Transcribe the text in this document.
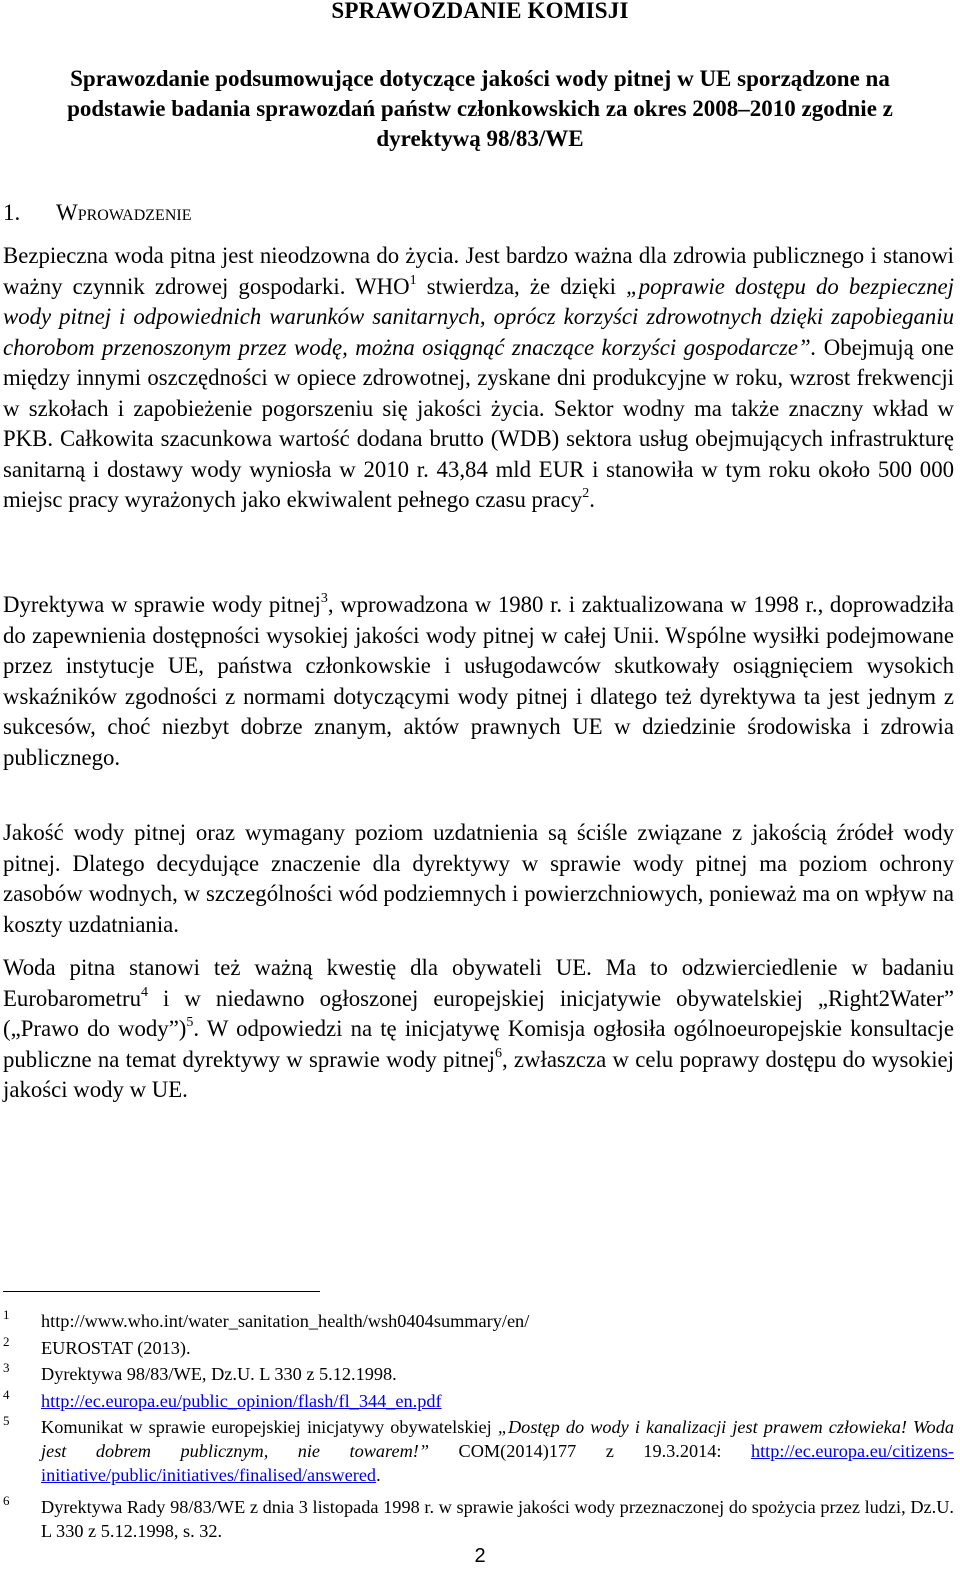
SPRAWOZDANIE KOMISJI
Sprawozdanie podsumowujące dotyczące jakości wody pitnej w UE sporządzone na podstawie badania sprawozdań państw członkowskich za okres 2008–2010 zgodnie z dyrektywą 98/83/WE
1. Wprowadzenie

Bezpieczna woda pitna jest nieodzowna do życia. Jest bardzo ważna dla zdrowia publicznego i stanowi ważny czynnik zdrowej gospodarki. WHO$^1$ stwierdza, że dzięki „poprawie dostępu do bezpiecznej wody pitnej i odpowiednich warunków sanitarnych, oprócz korzyści zdrowotnych dzięki zapobieganiu chorobom przenoszonym przez wodę, można osiągnąć znaczące korzyści gospodarcze”. Obejmują one między innymi oszczędności w opiece zdrowotnej, zyskane dni produkcyjne w roku, wzrost frekwencji w szkołach i zapobieżenie pogorszeniu się jakości życia. Sektor wodny ma także znaczny wkład w PKB. Całkowita szacunkowa wartość dodana brutto (WDB) sektora usług obejmujących infrastrukturę sanitarną i dostawy wody wyniosła w 2010 r. 43,84 mld EUR i stanowiła w tym roku około 500 000 miejsc pracy wyrażonych jako ekwiwalent pełnego czasu pracy$^2$.

Dyrektywa w sprawie wody pitnej$^3$, wprowadzona w 1980 r. i zaktualizowana w 1998 r., doprowadziła do zapewnienia dostępności wysokiej jakości wody pitnej w całej Unii. Wspólne wysiłki podejmowane przez instytucje UE, państwa członkowskie i usługodawców skutkowały osiągnięciem wysokich wskaźników zgodności z normami dotyczącymi wody pitnej i dlatego też dyrektywa ta jest jednym z sukcesów, choć niezbyt dobrze znanym, aktów prawnych UE w dziedzinie środowiska i zdrowia publicznego.

Jakość wody pitnej oraz wymagany poziom uzdatnienia są ściśle związane z jakością źródeł wody pitnej. Dlatego decydujące znaczenie dla dyrektywy w sprawie wody pitnej ma poziom ochrony zasobów wodnych, w szczególności wód podziemnych i powierzchniowych, ponieważ ma on wpływ na koszty uzdatniania.

Woda pitna stanowi też ważną kwestię dla obywateli UE. Ma to odzwierciedlenie w badaniu Eurobarometru$^4$ i w niedawno ogłoszonej europejskiej inicjatywie obywatelskiej „Right2Water” („Prawo do wody”)$^5$. W odpowiedzi na tę inicjatywę Komisja ogłosiła ogólnoeuropejskie konsultacje publiczne na temat dyrektywy w sprawie wody pitnej$^6$, zwłaszcza w celu poprawy dostępu do wysokiej jakości wody w UE.

1 http://www.who.int/water_sanitation_health/wsh0404summary/en/
2 EUROSTAT (2013).
3 Dyrektywa 98/83/WE, Dz.U. L 330 z 5.12.1998.
4 http://ec.europa.eu/public_opinion/flash/fl_344_en.pdf
5 Komunikat w sprawie europejskiej inicjatywy obywatelskiej „Dostęp do wody i kanalizacji jest prawem człowieka! Woda jest dobrem publicznym, nie towarem!” COM(2014)177 z 19.3.2014: http://ec.europa.eu/citizens-initiative/public/initiatives/finalised/answered.
6 Dyrektywa Rady 98/83/WE z dnia 3 listopada 1998 r. w sprawie jakości wody przeznaczonej do spożycia przez ludzi, Dz.U. L 330 z 5.12.1998, s. 32.
2
